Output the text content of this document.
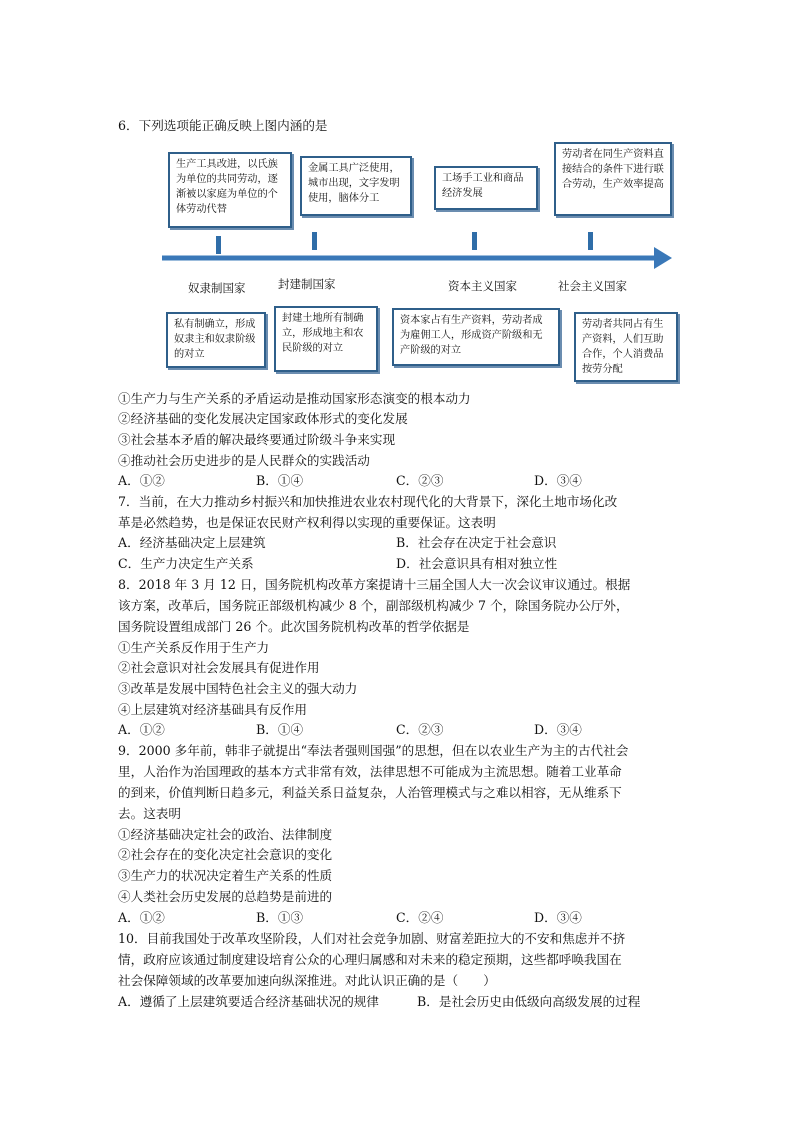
6．下列选项能正确反映上图内涵的是
生产工具改进，以氏族为单位的共同劳动，逐渐被以家庭为单位的个体劳动代替
金属工具广泛使用，城市出现，文字发明使用，脑体分工
工场手工业和商品经济发展
劳动者在同生产资料直接结合的条件下进行联合劳动，生产效率提高
奴隶制国家	封建制国家	资本主义国家	社会主义国家
私有制确立，形成奴隶主和奴隶阶级的对立
封建土地所有制确立，形成地主和农民阶级的对立
资本家占有生产资料，劳动者成为雇佣工人，形成资产阶级和无产阶级的对立
劳动者共同占有生产资料，人们互助合作，个人消费品按劳分配
①生产力与生产关系的矛盾运动是推动国家形态演变的根本动力
②经济基础的变化发展决定国家政体形式的变化发展
③社会基本矛盾的解决最终要通过阶级斗争来实现
④推动社会历史进步的是人民群众的实践活动
A．①②	B．①④	C．②③	D．③④
7．当前，在大力推动乡村振兴和加快推进农业农村现代化的大背景下，深化土地市场化改
革是必然趋势，也是保证农民财产权利得以实现的重要保证。这表明
A．经济基础决定上层建筑	B．社会存在决定于社会意识
C．生产力决定生产关系	D．社会意识具有相对独立性
8．2018 年 3 月 12 日，国务院机构改革方案提请十三届全国人大一次会议审议通过。根据
该方案，改革后，国务院正部级机构减少 8 个，副部级机构减少 7 个，除国务院办公厅外，
国务院设置组成部门 26 个。此次国务院机构改革的哲学依据是
①生产关系反作用于生产力
②社会意识对社会发展具有促进作用
③改革是发展中国特色社会主义的强大动力
④上层建筑对经济基础具有反作用
A．①②	B．①④	C．②③	D．③④
9．2000 多年前，韩非子就提出“奉法者强则国强”的思想，但在以农业生产为主的古代社会
里，人治作为治国理政的基本方式非常有效，法律思想不可能成为主流思想。随着工业革命
的到来，价值判断日趋多元，利益关系日益复杂，人治管理模式与之难以相容，无从维系下
去。这表明
①经济基础决定社会的政治、法律制度
②社会存在的变化决定社会意识的变化
③生产力的状况决定着生产关系的性质
④人类社会历史发展的总趋势是前进的
A．①②	B．①③	C．②④	D．③④
10．目前我国处于改革攻坚阶段，人们对社会竞争加剧、财富差距拉大的不安和焦虑并不挤
情，政府应该通过制度建设培育公众的心理归属感和对未来的稳定预期，这些都呼唤我国在
社会保障领域的改革要加速向纵深推进。对此认识正确的是（　　）
A．遵循了上层建筑要适合经济基础状况的规律	B．是社会历史由低级向高级发展的过程
